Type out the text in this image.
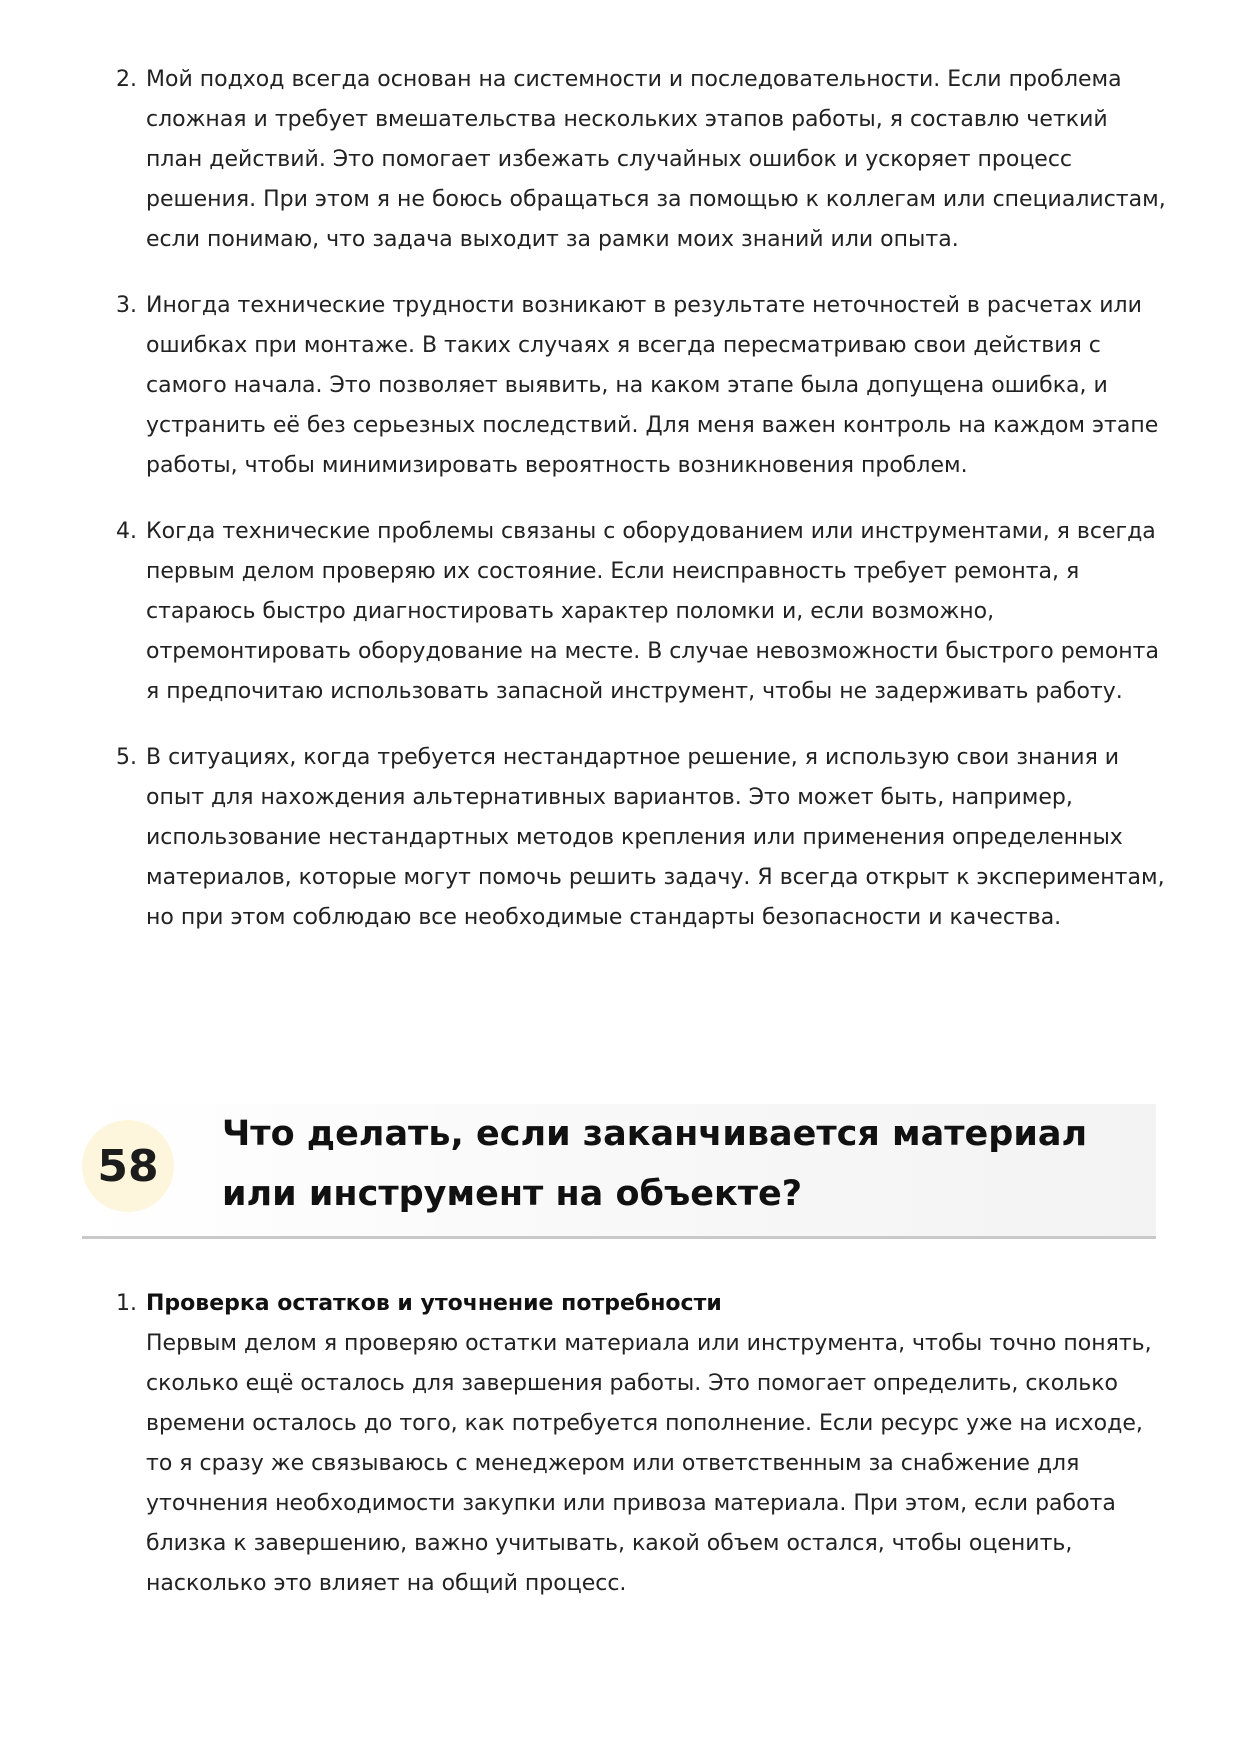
2. Мой подход всегда основан на системности и последовательности. Если проблема сложная и требует вмешательства нескольких этапов работы, я составлю четкий план действий. Это помогает избежать случайных ошибок и ускоряет процесс решения. При этом я не боюсь обращаться за помощью к коллегам или специалистам, если понимаю, что задача выходит за рамки моих знаний или опыта.
3. Иногда технические трудности возникают в результате неточностей в расчетах или ошибках при монтаже. В таких случаях я всегда пересматриваю свои действия с самого начала. Это позволяет выявить, на каком этапе была допущена ошибка, и устранить её без серьезных последствий. Для меня важен контроль на каждом этапе работы, чтобы минимизировать вероятность возникновения проблем.
4. Когда технические проблемы связаны с оборудованием или инструментами, я всегда первым делом проверяю их состояние. Если неисправность требует ремонта, я стараюсь быстро диагностировать характер поломки и, если возможно, отремонтировать оборудование на месте. В случае невозможности быстрого ремонта я предпочитаю использовать запасной инструмент, чтобы не задерживать работу.
5. В ситуациях, когда требуется нестандартное решение, я использую свои знания и опыт для нахождения альтернативных вариантов. Это может быть, например, использование нестандартных методов крепления или применения определенных материалов, которые могут помочь решить задачу. Я всегда открыт к экспериментам, но при этом соблюдаю все необходимые стандарты безопасности и качества.
58
Что делать, если заканчивается материал или инструмент на объекте?
1. Проверка остатков и уточнение потребности
Первым делом я проверяю остатки материала или инструмента, чтобы точно понять, сколько ещё осталось для завершения работы. Это помогает определить, сколько времени осталось до того, как потребуется пополнение. Если ресурс уже на исходе, то я сразу же связываюсь с менеджером или ответственным за снабжение для уточнения необходимости закупки или привоза материала. При этом, если работа близка к завершению, важно учитывать, какой объем остался, чтобы оценить, насколько это влияет на общий процесс.
